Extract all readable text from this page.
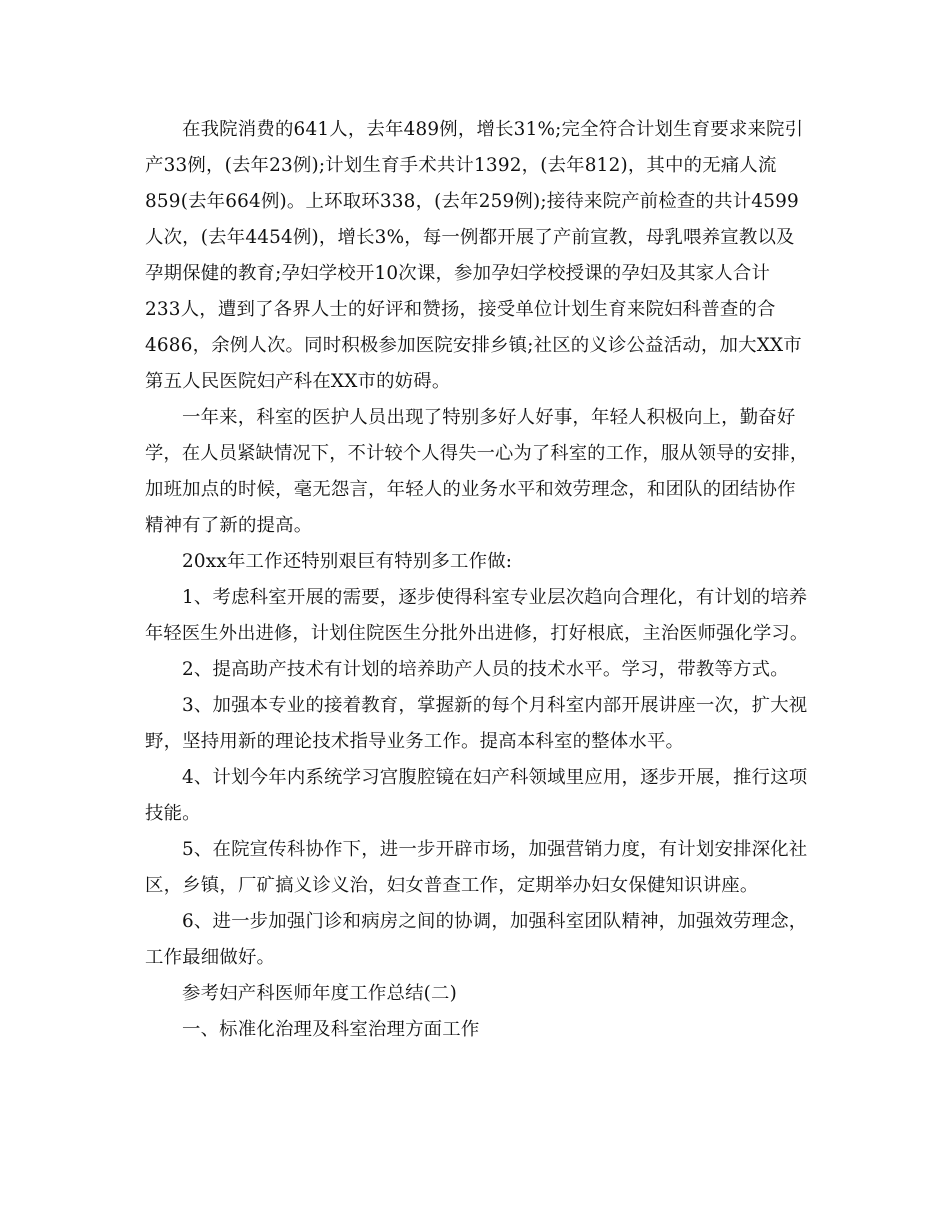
在我院消费的641人，去年489例，增长31%;完全符合计划生育要求来院引
产33例，(去年23例);计划生育手术共计1392，(去年812)，其中的无痛人流
859(去年664例)。上环取环338，(去年259例);接待来院产前检查的共计4599
人次，(去年4454例)，增长3%，每一例都开展了产前宣教，母乳喂养宣教以及
孕期保健的教育;孕妇学校开10次课，参加孕妇学校授课的孕妇及其家人合计
233人，遭到了各界人士的好评和赞扬，接受单位计划生育来院妇科普查的合
4686，余例人次。同时积极参加医院安排乡镇;社区的义诊公益活动，加大XX市
第五人民医院妇产科在XX市的妨碍。
一年来，科室的医护人员出现了特别多好人好事，年轻人积极向上，勤奋好
学，在人员紧缺情况下，不计较个人得失一心为了科室的工作，服从领导的安排，
加班加点的时候，毫无怨言，年轻人的业务水平和效劳理念，和团队的团结协作
精神有了新的提高。
20xx年工作还特别艰巨有特别多工作做:
1、考虑科室开展的需要，逐步使得科室专业层次趋向合理化，有计划的培养
年轻医生外出进修，计划住院医生分批外出进修，打好根底，主治医师强化学习。
2、提高助产技术有计划的培养助产人员的技术水平。学习，带教等方式。
3、加强本专业的接着教育，掌握新的每个月科室内部开展讲座一次，扩大视
野，坚持用新的理论技术指导业务工作。提高本科室的整体水平。
4、计划今年内系统学习宫腹腔镜在妇产科领域里应用，逐步开展，推行这项
技能。
5、在院宣传科协作下，进一步开辟市场，加强营销力度，有计划安排深化社
区，乡镇，厂矿搞义诊义治，妇女普查工作，定期举办妇女保健知识讲座。
6、进一步加强门诊和病房之间的协调，加强科室团队精神，加强效劳理念，
工作最细做好。
参考妇产科医师年度工作总结(二)
一、标准化治理及科室治理方面工作
